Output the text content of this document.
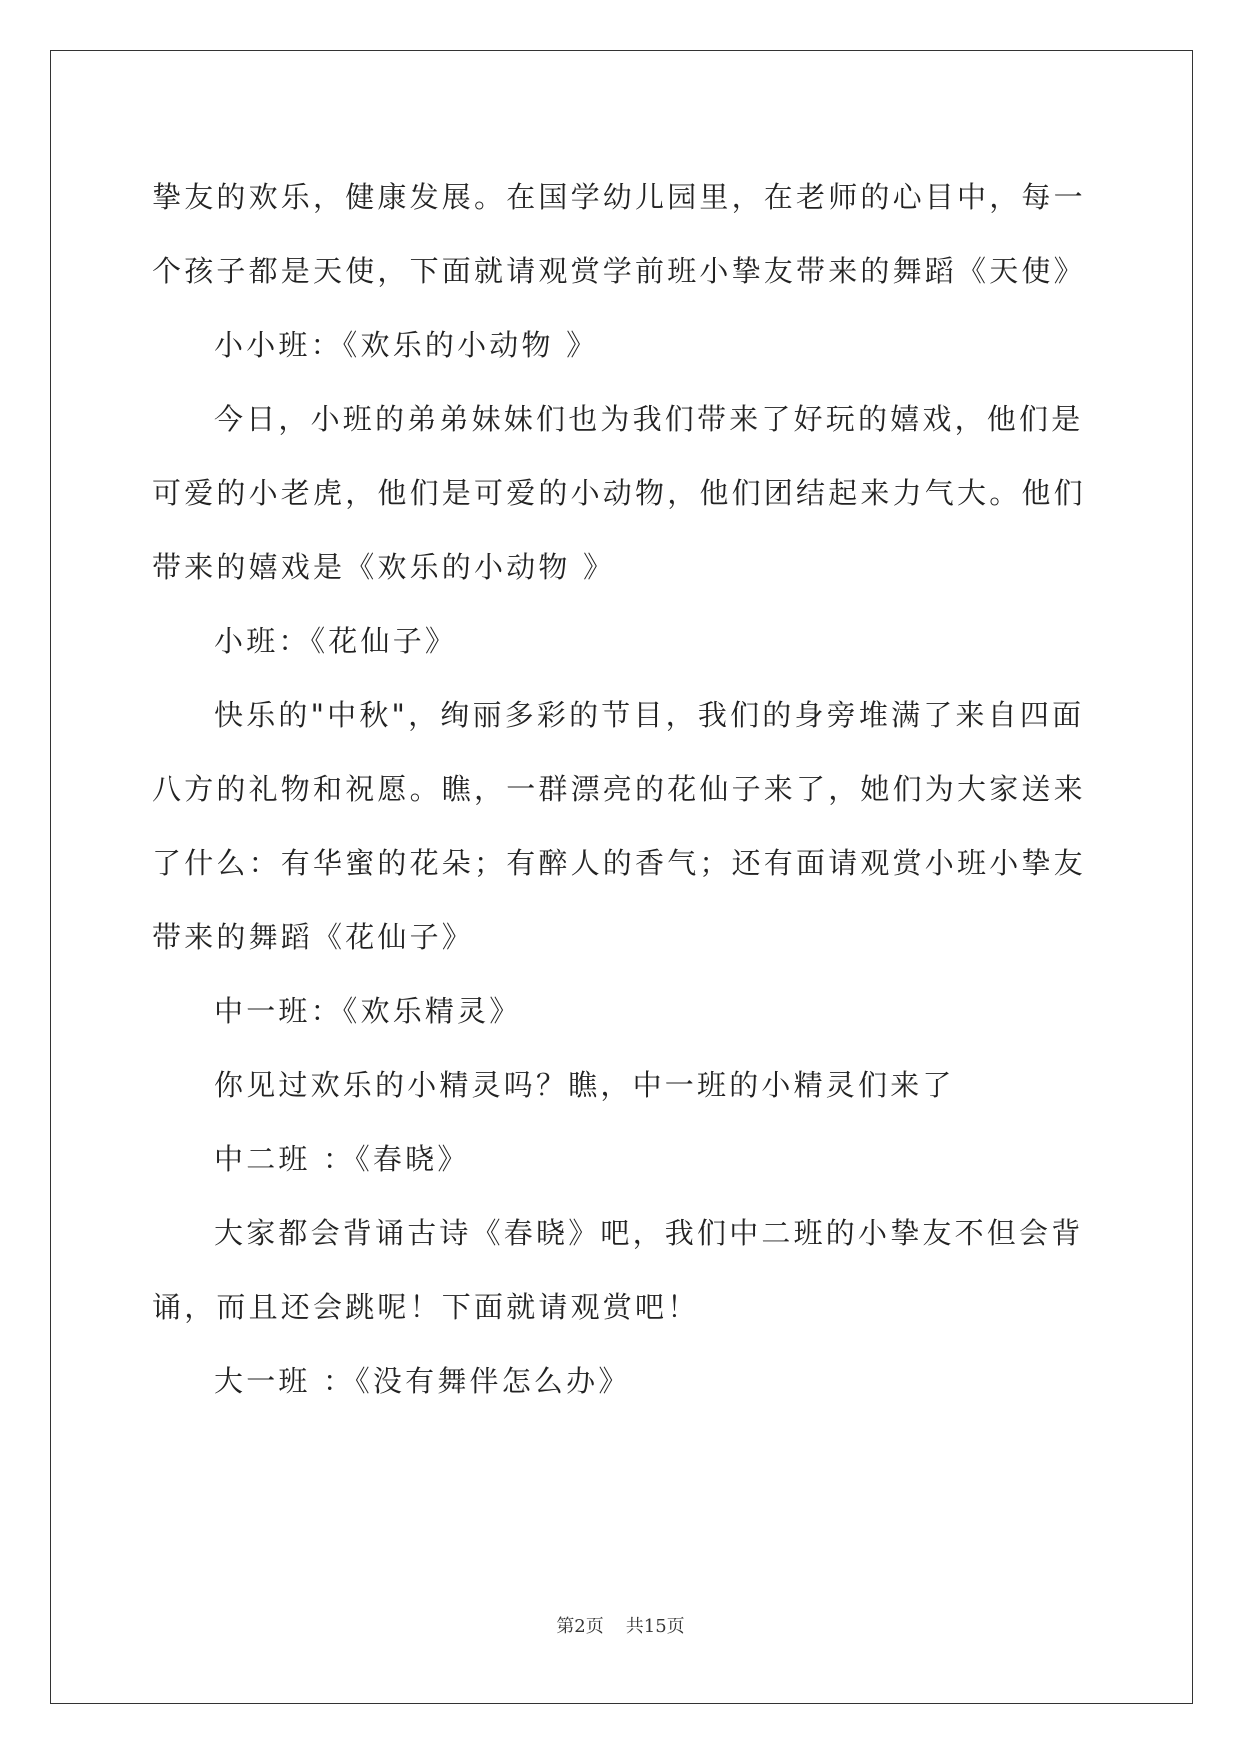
挚友的欢乐，健康发展。在国学幼儿园里，在老师的心目中，每一个孩子都是天使，下面就请观赏学前班小挚友带来的舞蹈《天使》

小小班：《欢乐的小动物 》

今日，小班的弟弟妹妹们也为我们带来了好玩的嬉戏，他们是可爱的小老虎，他们是可爱的小动物，他们团结起来力气大。他们带来的嬉戏是《欢乐的小动物 》

小班：《花仙子》

快乐的"中秋"，绚丽多彩的节目，我们的身旁堆满了来自四面八方的礼物和祝愿。瞧，一群漂亮的花仙子来了，她们为大家送来了什么：有华蜜的花朵；有醉人的香气；还有面请观赏小班小挚友带来的舞蹈《花仙子》

中一班：《欢乐精灵》

你见过欢乐的小精灵吗？瞧，中一班的小精灵们来了

中二班 ：《春晓》

大家都会背诵古诗《春晓》吧，我们中二班的小挚友不但会背诵，而且还会跳呢！下面就请观赏吧！

大一班 ：《没有舞伴怎么办》

第2页 共15页
